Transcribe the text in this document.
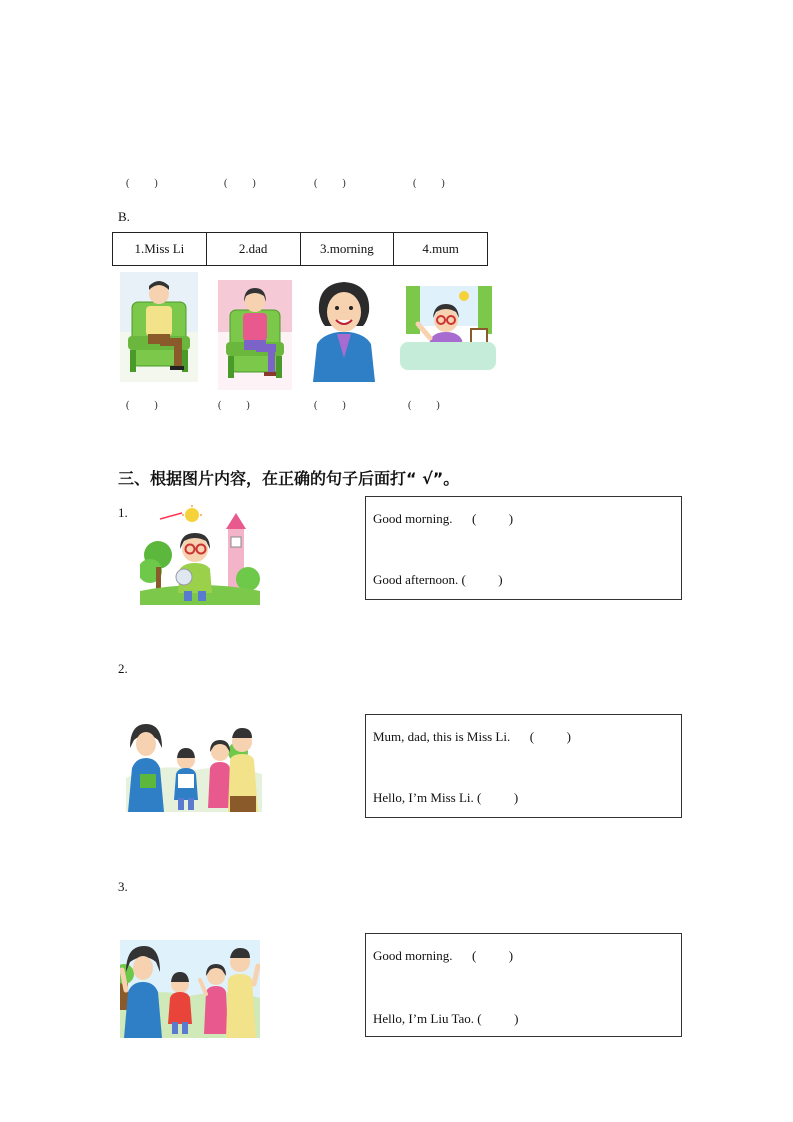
(          )	(          )	(          )	(          )
B.
1.Miss Li	2.dad	3.morning	4.mum
(          )	(          )	(          )	(          )
三、根据图片内容，在正确的句子后面打“ √”。
1.	Good morning.      (          )
Good afternoon. (          )
2.
Mum, dad, this is Miss Li.      (          )
Hello, I’m Miss Li. (          )
3.
Good morning.      (          )
Hello, I’m Liu Tao. (          )
